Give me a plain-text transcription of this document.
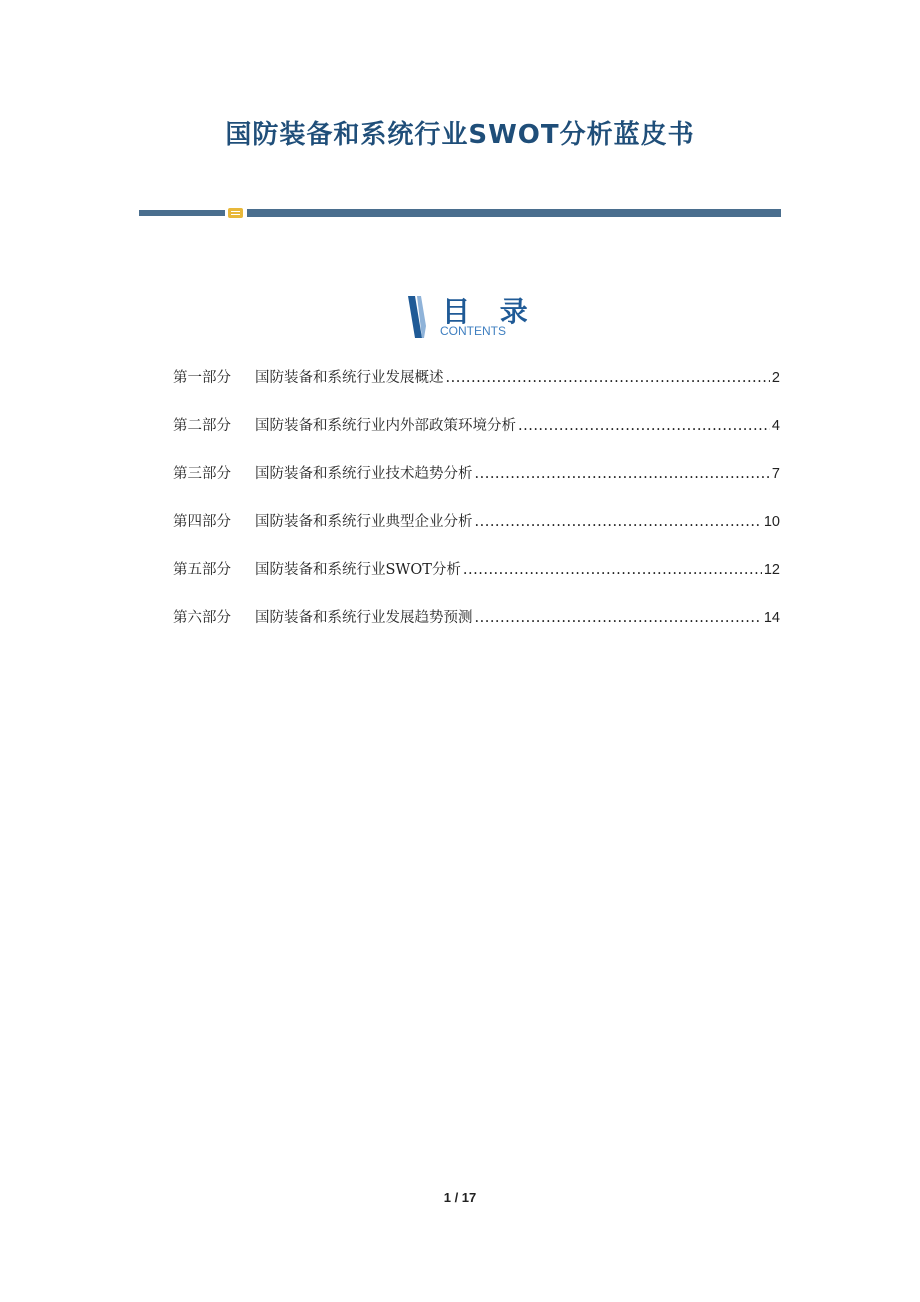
国防装备和系统行业SWOT分析蓝皮书
目 录
CONTENTS
第一部分	国防装备和系统行业发展概述 .....	2
第二部分	国防装备和系统行业内外部政策环境分析 .....	4
第三部分	国防装备和系统行业技术趋势分析 .....	7
第四部分	国防装备和系统行业典型企业分析 .....	10
第五部分	国防装备和系统行业SWOT分析 .....	12
第六部分	国防装备和系统行业发展趋势预测 .....	14
1 / 17
